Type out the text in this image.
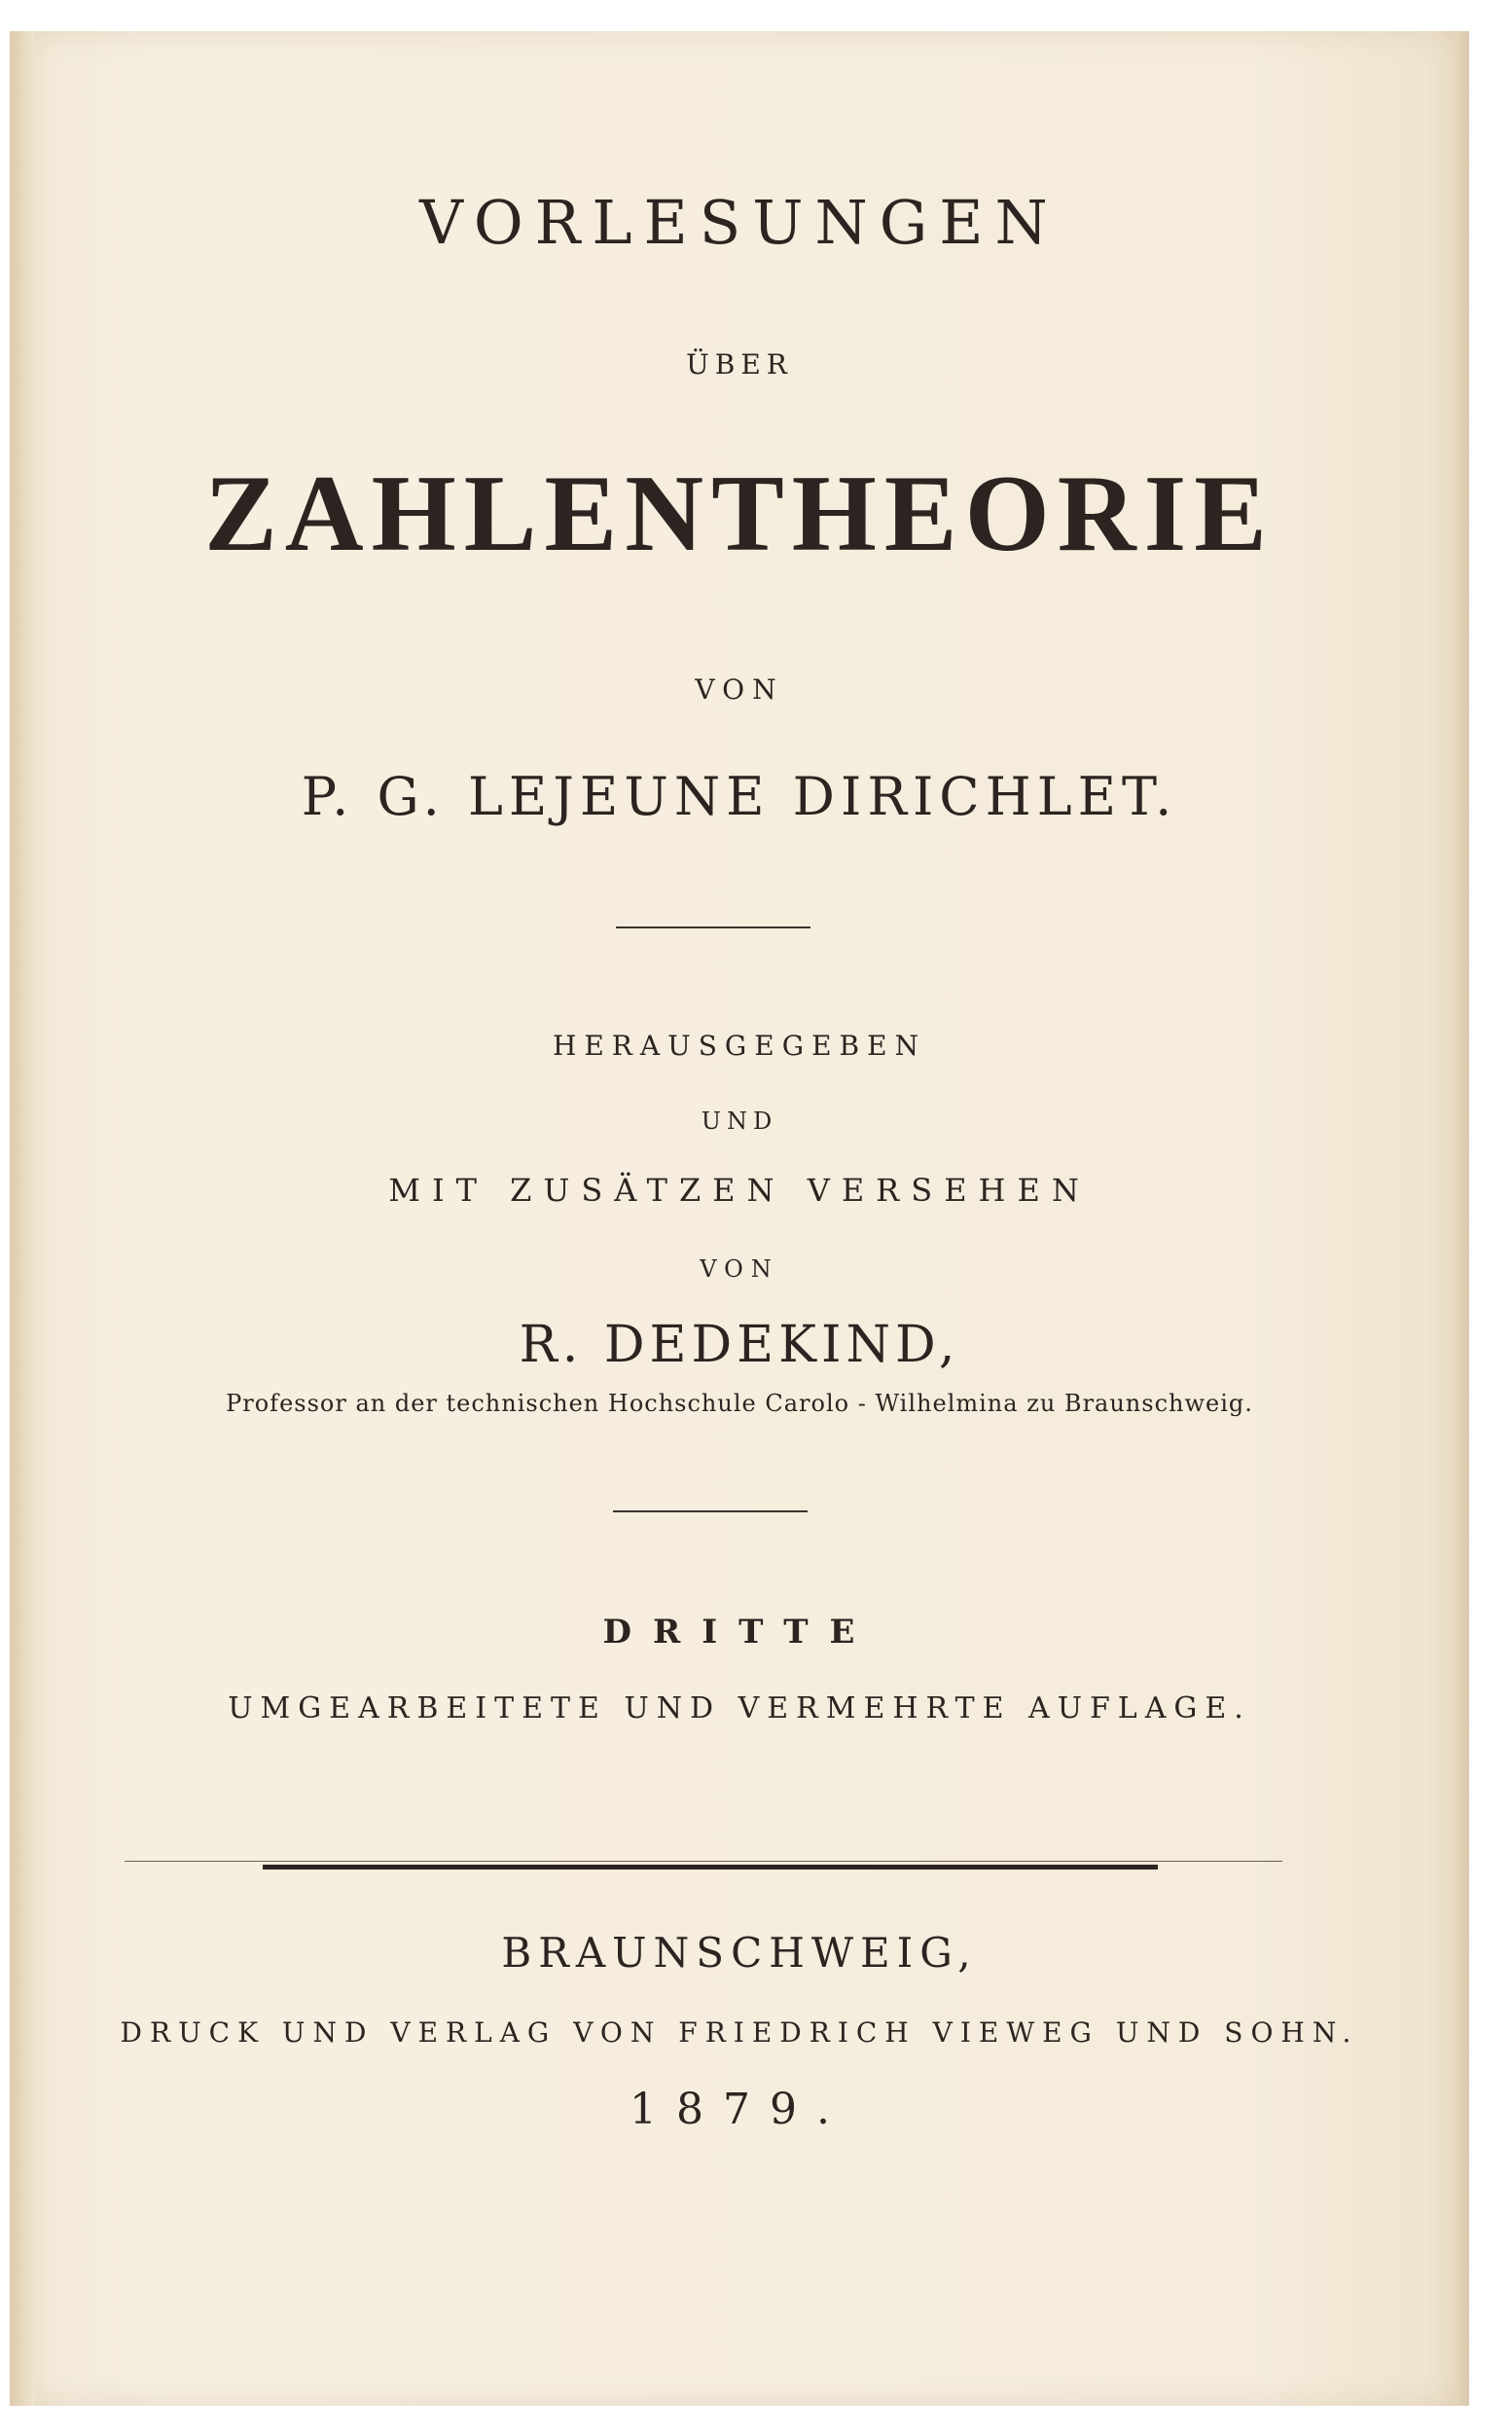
VORLESUNGEN
ÜBER
ZAHLENTHEORIE
VON
P. G. LEJEUNE DIRICHLET.
HERAUSGEGEBEN
UND
MIT ZUSÄTZEN VERSEHEN
VON
R. DEDEKIND,
Professor an der technischen Hochschule Carolo - Wilhelmina zu Braunschweig.
DRITTE
UMGEARBEITETE UND VERMEHRTE AUFLAGE.
BRAUNSCHWEIG,
DRUCK UND VERLAG VON FRIEDRICH VIEWEG UND SOHN.
1879.
